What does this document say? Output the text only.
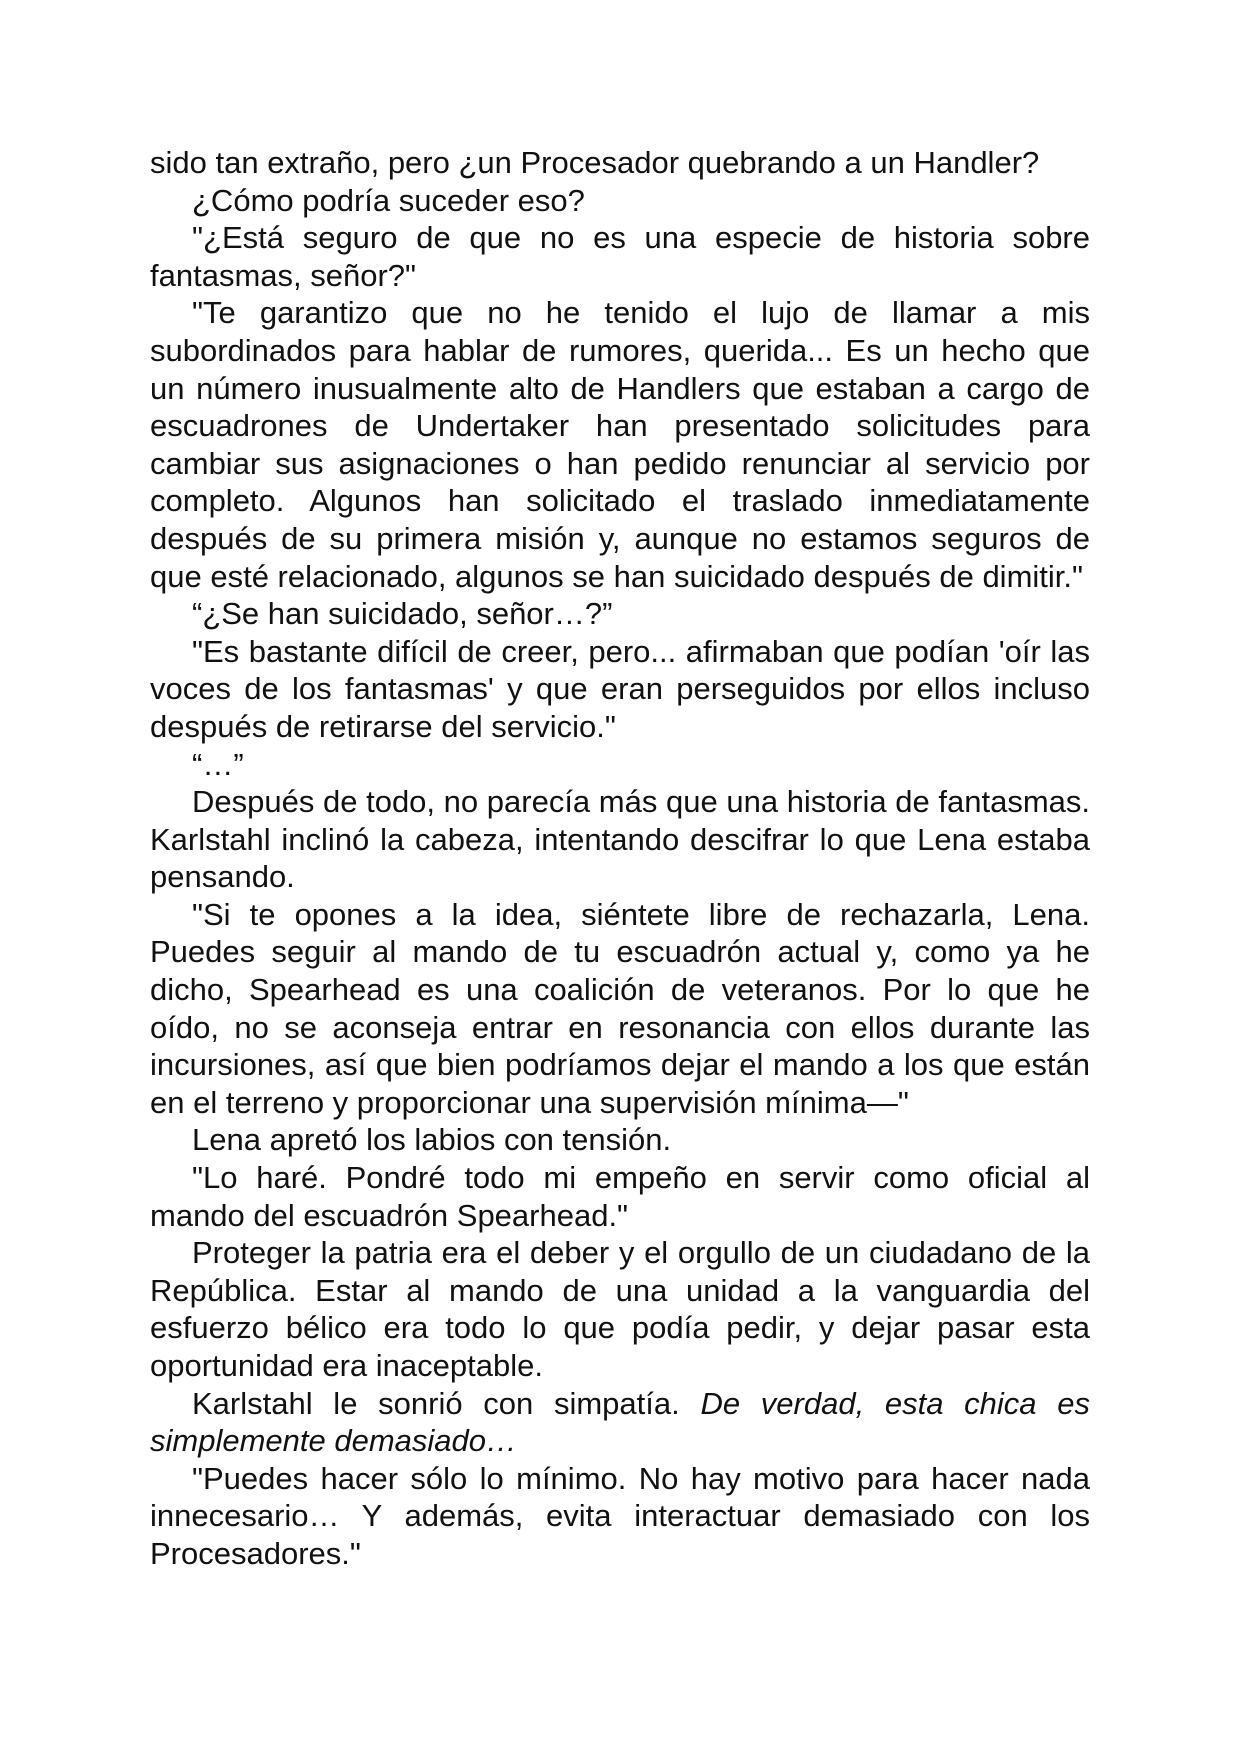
sido tan extraño, pero ¿un Procesador quebrando a un Handler?

¿Cómo podría suceder eso?

"¿Está seguro de que no es una especie de historia sobre fantasmas, señor?"

"Te garantizo que no he tenido el lujo de llamar a mis subordinados para hablar de rumores, querida... Es un hecho que un número inusualmente alto de Handlers que estaban a cargo de escuadrones de Undertaker han presentado solicitudes para cambiar sus asignaciones o han pedido renunciar al servicio por completo. Algunos han solicitado el traslado inmediatamente después de su primera misión y, aunque no estamos seguros de que esté relacionado, algunos se han suicidado después de dimitir."

“¿Se han suicidado, señor…?”

"Es bastante difícil de creer, pero... afirmaban que podían 'oír las voces de los fantasmas' y que eran perseguidos por ellos incluso después de retirarse del servicio."

“…”

Después de todo, no parecía más que una historia de fantasmas. Karlstahl inclinó la cabeza, intentando descifrar lo que Lena estaba pensando.

"Si te opones a la idea, siéntete libre de rechazarla, Lena. Puedes seguir al mando de tu escuadrón actual y, como ya he dicho, Spearhead es una coalición de veteranos. Por lo que he oído, no se aconseja entrar en resonancia con ellos durante las incursiones, así que bien podríamos dejar el mando a los que están en el terreno y proporcionar una supervisión mínima—"

Lena apretó los labios con tensión.

"Lo haré. Pondré todo mi empeño en servir como oficial al mando del escuadrón Spearhead."

Proteger la patria era el deber y el orgullo de un ciudadano de la República. Estar al mando de una unidad a la vanguardia del esfuerzo bélico era todo lo que podía pedir, y dejar pasar esta oportunidad era inaceptable.

Karlstahl le sonrió con simpatía. De verdad, esta chica es simplemente demasiado…

"Puedes hacer sólo lo mínimo. No hay motivo para hacer nada innecesario… Y además, evita interactuar demasiado con los Procesadores."
